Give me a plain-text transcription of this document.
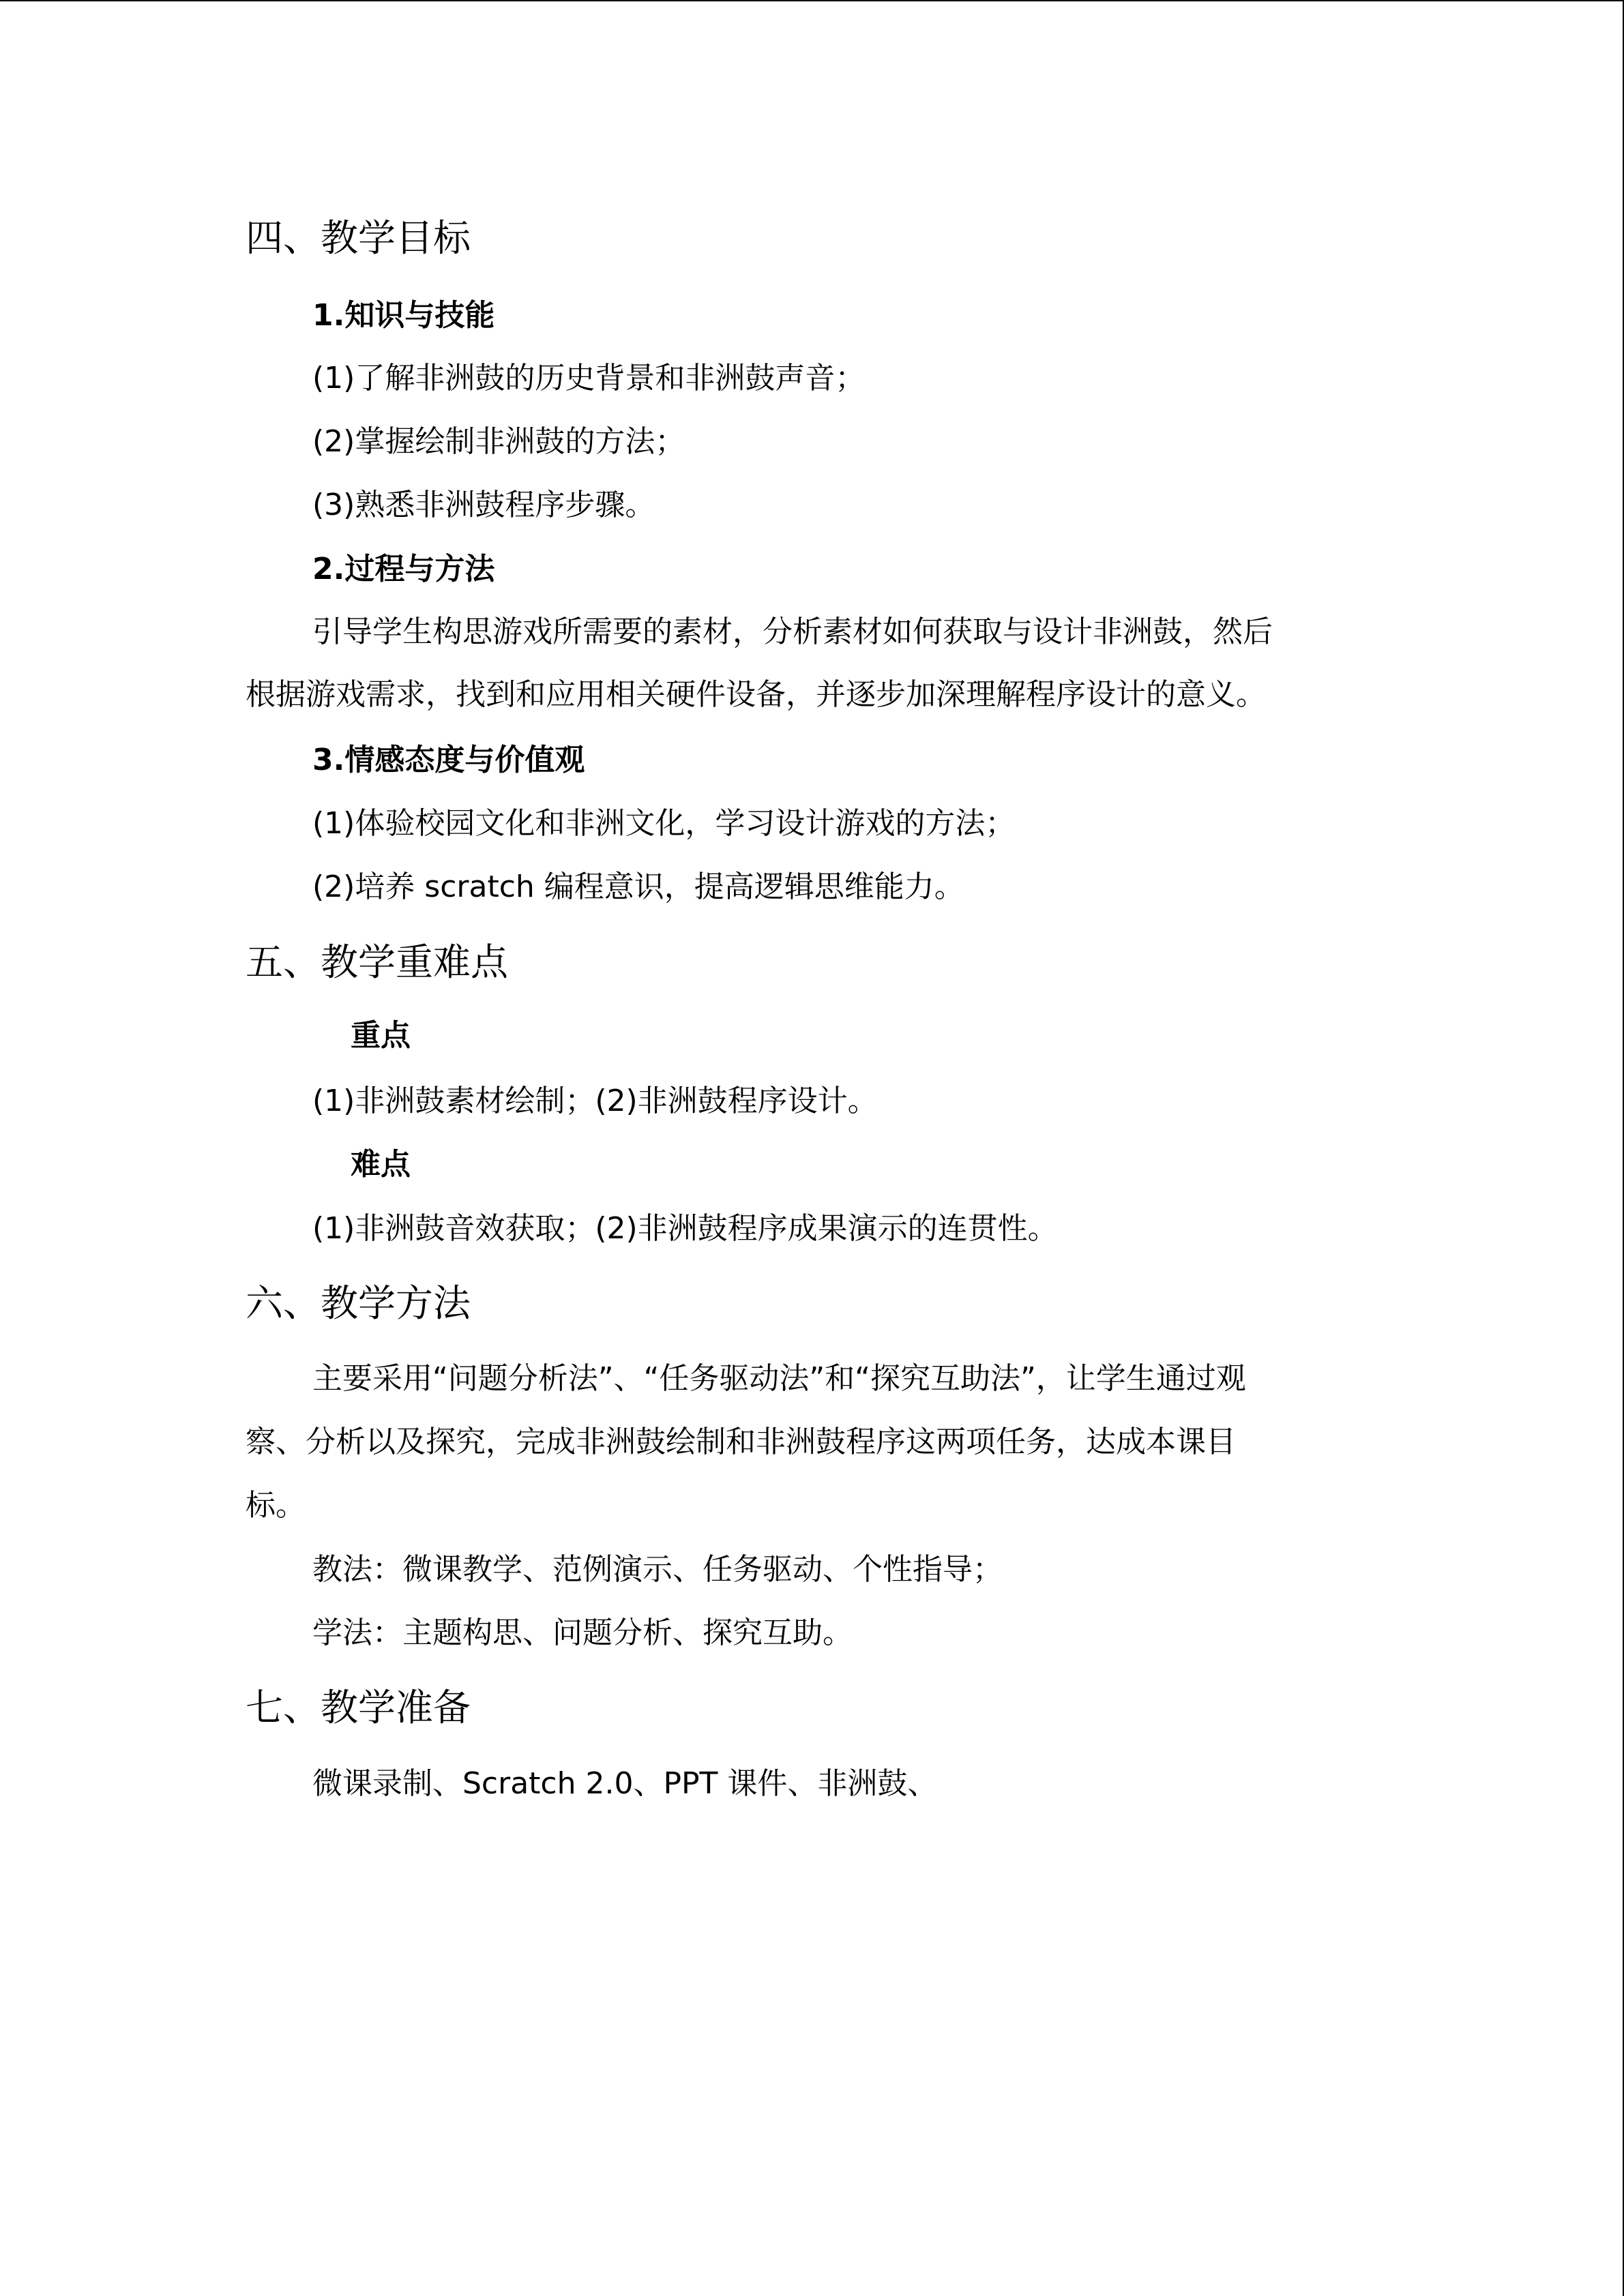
四、教学目标
1.知识与技能
(1)了解非洲鼓的历史背景和非洲鼓声音；
(2)掌握绘制非洲鼓的方法；
(3)熟悉非洲鼓程序步骤。
2.过程与方法
引导学生构思游戏所需要的素材，分析素材如何获取与设计非洲鼓，然后
根据游戏需求，找到和应用相关硬件设备，并逐步加深理解程序设计的意义。
3.情感态度与价值观
(1)体验校园文化和非洲文化，学习设计游戏的方法；
(2)培养 scratch 编程意识，提高逻辑思维能力。
五、教学重难点
重点
(1)非洲鼓素材绘制；(2)非洲鼓程序设计。
难点
(1)非洲鼓音效获取；(2)非洲鼓程序成果演示的连贯性。
六、教学方法
主要采用“问题分析法”、“任务驱动法”和“探究互助法”，让学生通过观
察、分析以及探究，完成非洲鼓绘制和非洲鼓程序这两项任务，达成本课目
标。
教法：微课教学、范例演示、任务驱动、个性指导；
学法：主题构思、问题分析、探究互助。
七、教学准备
微课录制、Scratch 2.0、PPT 课件、非洲鼓、
